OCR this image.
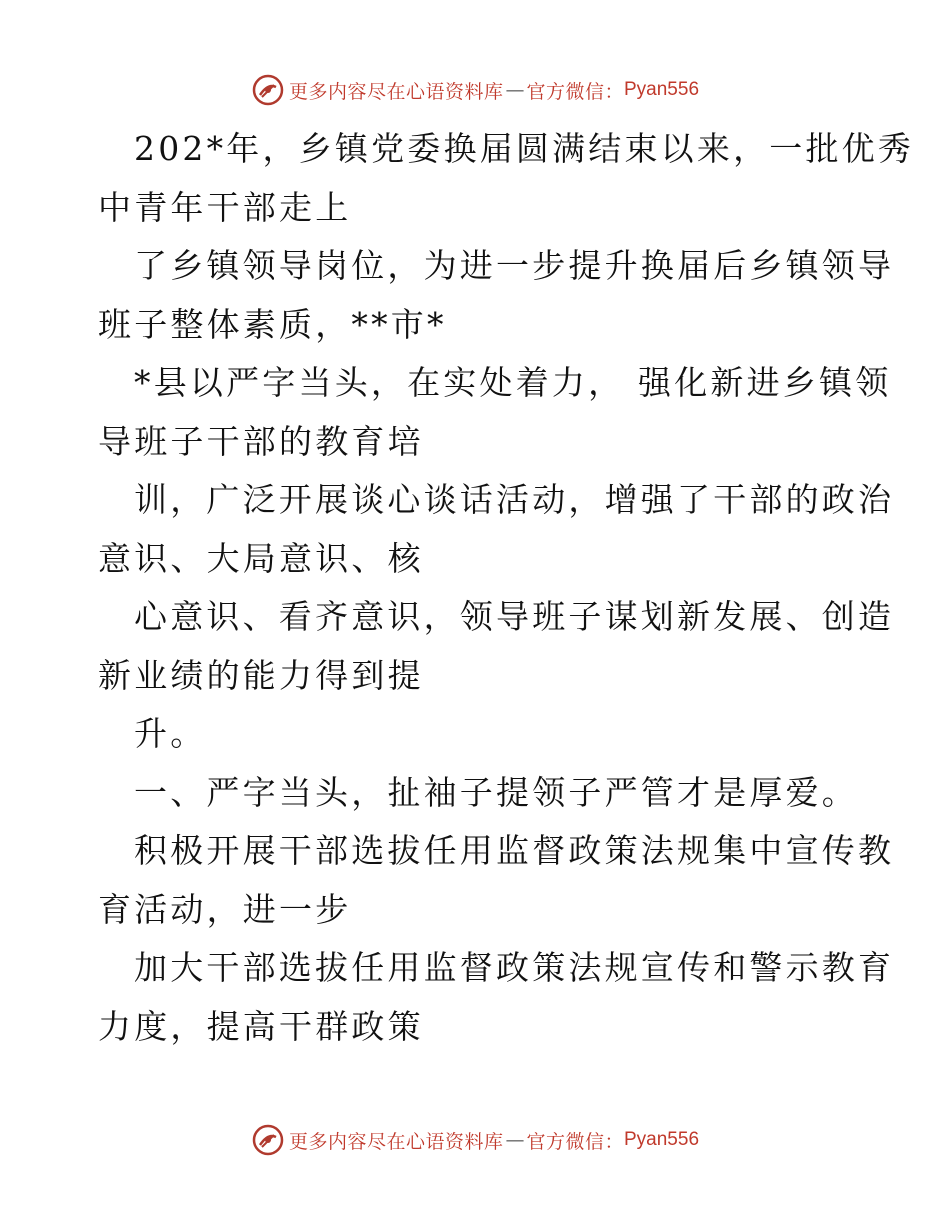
更多内容尽在心语资料库 — 官方微信： Pyan556
202*年，乡镇党委换届圆满结束以来，一批优秀
中青年干部走上
了乡镇领导岗位，为进一步提升换届后乡镇领导
班子整体素质，**市*
*县以严字当头，在实处着力， 强化新进乡镇领
导班子干部的教育培
训，广泛开展谈心谈话活动，增强了干部的政治
意识、大局意识、核
心意识、看齐意识，领导班子谋划新发展、创造
新业绩的能力得到提
升。
一、严字当头，扯袖子提领子严管才是厚爱。
积极开展干部选拔任用监督政策法规集中宣传教
育活动，进一步
加大干部选拔任用监督政策法规宣传和警示教育
力度，提高干群政策
更多内容尽在心语资料库 — 官方微信： Pyan556
